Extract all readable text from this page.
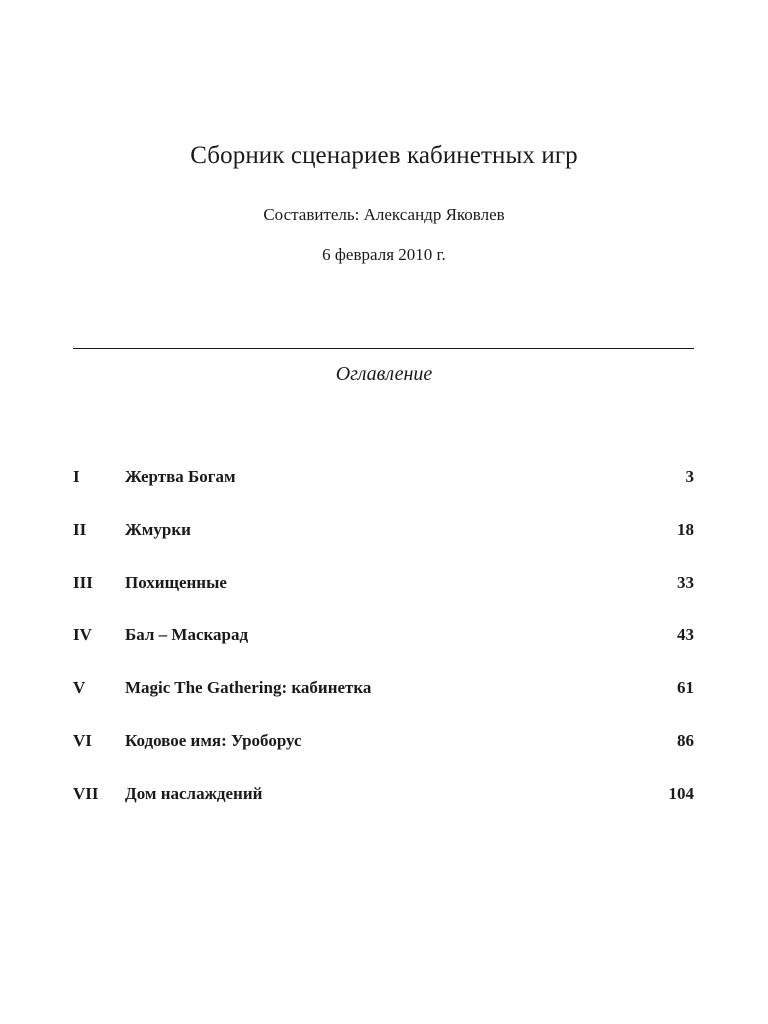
Сборник сценариев кабинетных игр
Составитель: Александр Яковлев
6 февраля 2010 г.
Оглавление
I	Жертва Богам	3
II Жмурки	18
III Похищенные	33
IV Бал – Маскарад	43
V Magic The Gathering: кабинетка	61
VI Кодовое имя: Уроборус	86
VII Дом наслаждений	104
